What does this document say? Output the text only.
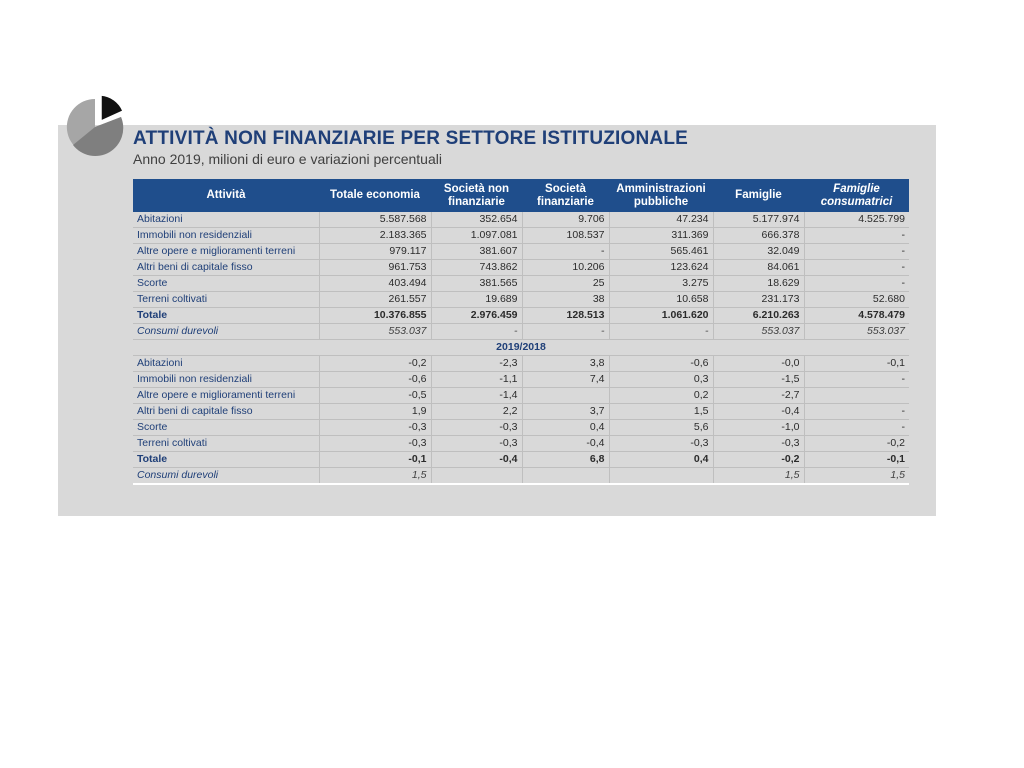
ATTIVITÀ NON FINANZIARIE PER SETTORE ISTITUZIONALE
Anno 2019, milioni di euro e variazioni percentuali
Attività	Totale economia	Società non finanziarie	Società finanziarie	Amministrazioni pubbliche	Famiglie	Famiglie consumatrici
Abitazioni	5.587.568	352.654	9.706	47.234	5.177.974	4.525.799
Immobili non residenziali	2.183.365	1.097.081	108.537	311.369	666.378	-
Altre opere e miglioramenti terreni	979.117	381.607	-	565.461	32.049	-
Altri beni di capitale fisso	961.753	743.862	10.206	123.624	84.061	-
Scorte	403.494	381.565	25	3.275	18.629	-
Terreni coltivati	261.557	19.689	38	10.658	231.173	52.680
Totale	10.376.855	2.976.459	128.513	1.061.620	6.210.263	4.578.479
Consumi durevoli	553.037	-	-	-	553.037	553.037
2019/2018						
Abitazioni	-0,2	-2,3	3,8	-0,6	-0,0	-0,1
Immobili non residenziali	-0,6	-1,1	7,4	0,3	-1,5	-
Altre opere e miglioramenti terreni	-0,5	-1,4		0,2	-2,7	
Altri beni di capitale fisso	1,9	2,2	3,7	1,5	-0,4	-
Scorte	-0,3	-0,3	0,4	5,6	-1,0	-
Terreni coltivati	-0,3	-0,3	-0,4	-0,3	-0,3	-0,2
Totale	-0,1	-0,4	6,8	0,4	-0,2	-0,1
Consumi durevoli	1,5				1,5	1,5
